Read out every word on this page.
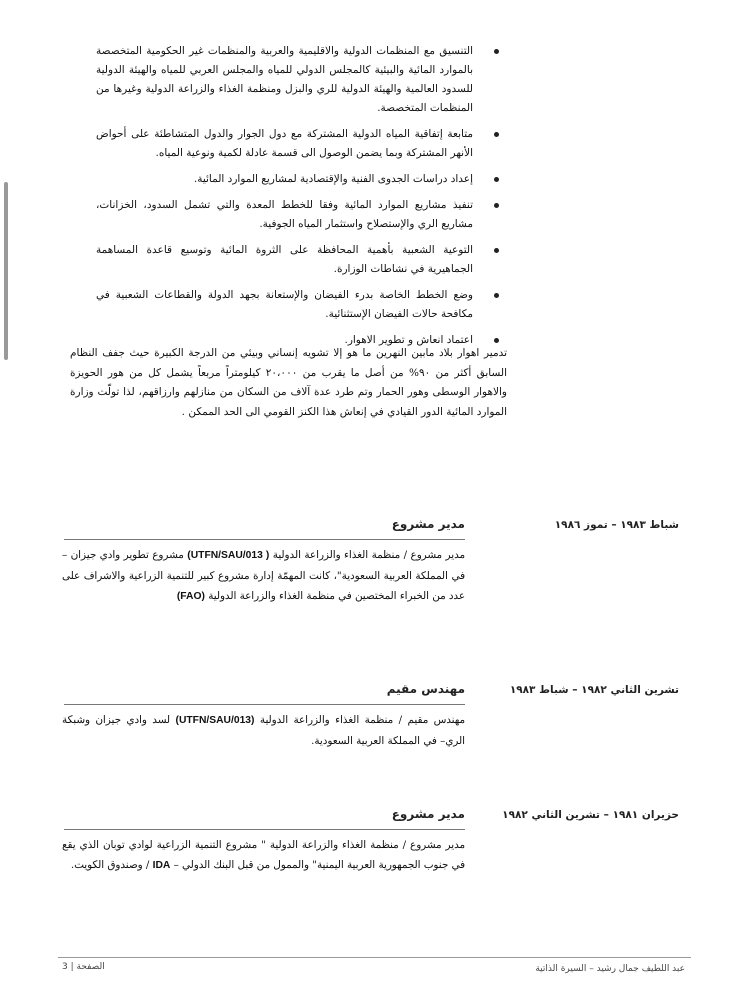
التنسيق مع المنظمات الدولية والاقليمية والعربية والمنظمات غير الحكومية المتخصصة بالموارد المائية والبيئية كالمجلس الدولي للمياه والمجلس العربي للمياه والهيئة الدولية للسدود العالمية والهيئة الدولية للري والبزل ومنظمة الغذاء والزراعة الدولية وغيرها من المنظمات المتخصصة.
متابعة إتفاقية المياه الدولية المشتركة مع دول الجوار والدول المتشاطئة على أحواض الأنهر المشتركة وبما يضمن الوصول الى قسمة عادلة لكمية ونوعية المياه.
إعداد دراسات الجدوى الفنية والإقتصادية لمشاريع الموارد المائية.
تنفيذ مشاريع الموارد المائية وفقا للخطط المعدة والتي تشمل السدود، الخزانات، مشاريع الري والإستصلاح واستثمار المياه الجوفية.
التوعية الشعبية بأهمية المحافظة على الثروة المائية وتوسيع قاعدة المساهمة الجماهيرية في نشاطات الوزارة.
وضع الخطط الخاصة بدرء الفيضان والإستعانة بجهد الدولة والقطاعات الشعبية في مكافحة حالات الفيضان الإستثنائية.
اعتماد انعاش و تطوير الاهوار.

تدمير اهوار بلاد مابين النهرين ما هو إلا تشويه إنساني وبيئي من الدرجة الكبيرة حيث جفف النظام السابق أكثر من ٩٠% من أصل ما يقرب من ٢٠،٠٠٠ كيلومتراً مربعاً يشمل كل من هور الحويزة والاهوار الوسطى وهور الحمار وتم طرد عدة آلاف من السكان من منازلهم وارزاقهم، لذا تولّت وزارة الموارد المائية الدور القيادي في إنعاش هذا الكنز القومي الى الحد الممكن .

شباط ١٩٨٣ – تموز ١٩٨٦
مدير مشروع

مدير مشروع / منظمة الغذاء والزراعة الدولية ( UTFN/SAU/013) مشروع تطوير وادي جيزان – في المملكة العربية السعودية"، كانت المهمّة إدارة مشروع كبير للتنمية الزراعية والاشراف على عدد من الخبراء المختصين في منظمة الغذاء والزراعة الدولية (FAO)

تشرين الثاني ١٩٨٢ – شباط ١٩٨٣
مهندس مقيم

مهندس مقيم / منظمة الغذاء والزراعة الدولية (UTFN/SAU/013) لسد وادي جيزان وشبكة الري– في المملكة العربية السعودية.

حزيران ١٩٨١ – تشرين الثاني ١٩٨٢
مدير مشروع

مدير مشروع / منظمة الغذاء والزراعة الدولية " مشروع التنمية الزراعية لوادي توبان الذي يقع في جنوب الجمهورية العربية اليمنية" والممول من قبل البنك الدولي – IDA / وصندوق الكويت.

الصفحة | 3	عبد اللطيف جمال رشيد – السيرة الذاتية
